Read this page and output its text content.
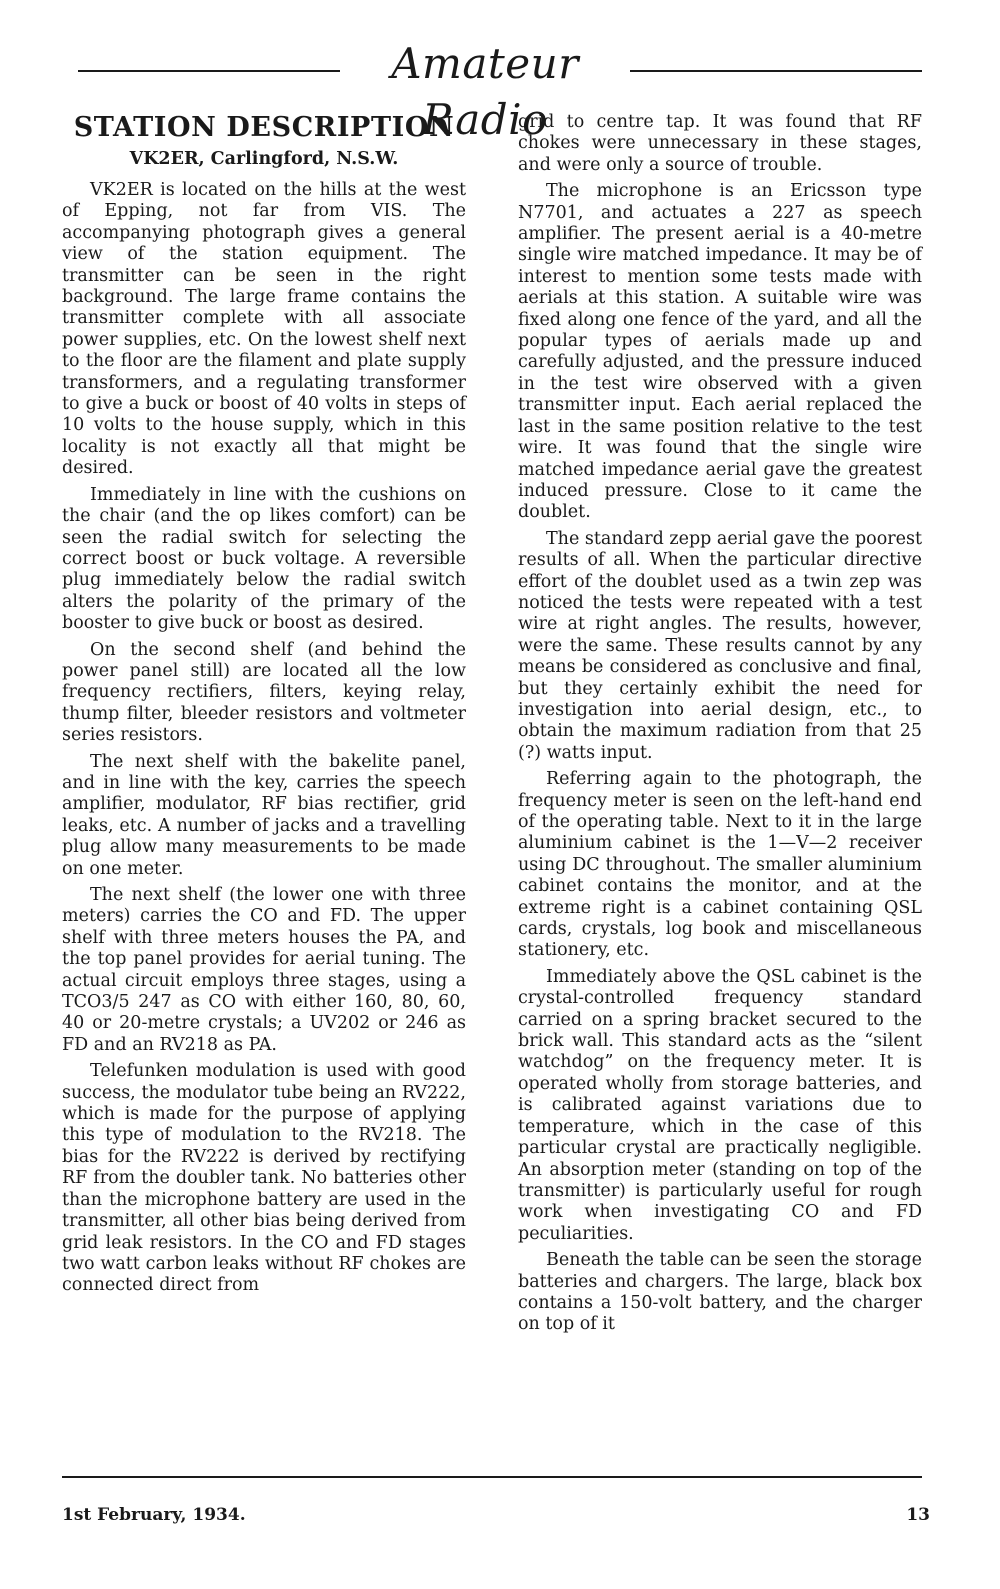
Amateur Radio
STATION DESCRIPTION
VK2ER, Carlingford, N.S.W.

VK2ER is located on the hills at the west of Epping, not far from VIS. The accompanying photograph gives a general view of the station equipment. The transmitter can be seen in the right background. The large frame contains the transmitter complete with all associate power supplies, etc. On the lowest shelf next to the floor are the filament and plate supply transformers, and a regulating transformer to give a buck or boost of 40 volts in steps of 10 volts to the house supply, which in this locality is not exactly all that might be desired.

Immediately in line with the cushions on the chair (and the op likes comfort) can be seen the radial switch for selecting the correct boost or buck voltage. A reversible plug immediately below the radial switch alters the polarity of the primary of the booster to give buck or boost as desired.

On the second shelf (and behind the power panel still) are located all the low frequency rectifiers, filters, keying relay, thump filter, bleeder resistors and voltmeter series resistors.

The next shelf with the bakelite panel, and in line with the key, carries the speech amplifier, modulator, RF bias rectifier, grid leaks, etc. A number of jacks and a travelling plug allow many measurements to be made on one meter.

The next shelf (the lower one with three meters) carries the CO and FD. The upper shelf with three meters houses the PA, and the top panel provides for aerial tuning. The actual circuit employs three stages, using a TCO3/5 247 as CO with either 160, 80, 60, 40 or 20-metre crystals; a UV202 or 246 as FD and an RV218 as PA.

Telefunken modulation is used with good success, the modulator tube being an RV222, which is made for the purpose of applying this type of modulation to the RV218. The bias for the RV222 is derived by rectifying RF from the doubler tank. No batteries other than the microphone battery are used in the transmitter, all other bias being derived from grid leak resistors. In the CO and FD stages two watt carbon leaks without RF chokes are connected direct from

grid to centre tap. It was found that RF chokes were unnecessary in these stages, and were only a source of trouble.

The microphone is an Ericsson type N7701, and actuates a 227 as speech amplifier. The present aerial is a 40-metre single wire matched impedance. It may be of interest to mention some tests made with aerials at this station. A suitable wire was fixed along one fence of the yard, and all the popular types of aerials made up and carefully adjusted, and the pressure induced in the test wire observed with a given transmitter input. Each aerial replaced the last in the same position relative to the test wire. It was found that the single wire matched impedance aerial gave the greatest induced pressure. Close to it came the doublet.

The standard zepp aerial gave the poorest results of all. When the particular directive effort of the doublet used as a twin zep was noticed the tests were repeated with a test wire at right angles. The results, however, were the same. These results cannot by any means be considered as conclusive and final, but they certainly exhibit the need for investigation into aerial design, etc., to obtain the maximum radiation from that 25 (?) watts input.

Referring again to the photograph, the frequency meter is seen on the left-hand end of the operating table. Next to it in the large aluminium cabinet is the 1—V—2 receiver using DC throughout. The smaller aluminium cabinet contains the monitor, and at the extreme right is a cabinet containing QSL cards, crystals, log book and miscellaneous stationery, etc.

Immediately above the QSL cabinet is the crystal-controlled frequency standard carried on a spring bracket secured to the brick wall. This standard acts as the “silent watchdog” on the frequency meter. It is operated wholly from storage batteries, and is calibrated against variations due to temperature, which in the case of this particular crystal are practically negligible. An absorption meter (standing on top of the transmitter) is particularly useful for rough work when investigating CO and FD peculiarities.

Beneath the table can be seen the storage batteries and chargers. The large, black box contains a 150-volt battery, and the charger on top of it

1st February, 1934.	13
